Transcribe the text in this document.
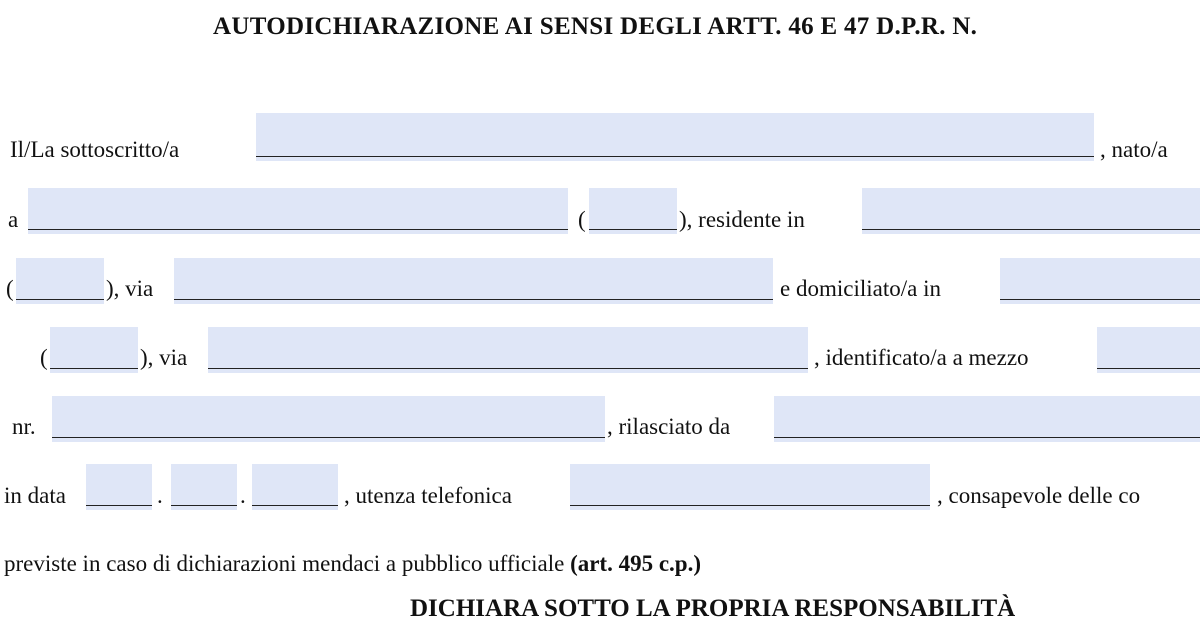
AUTODICHIARAZIONE AI SENSI DEGLI ARTT. 46 E 47 D.P.R. N.
Il/La sottoscritto/a	, nato/a
a	(	), residente in
(	), via	e domiciliato/a in
(	), via	, identificato/a a mezzo
nr.	, rilasciato da
in data	.	.	, utenza telefonica	, consapevole delle co
previste in caso di dichiarazioni mendaci a pubblico ufficiale (art. 495 c.p.)
DICHIARA SOTTO LA PROPRIA RESPONSABILITÀ
